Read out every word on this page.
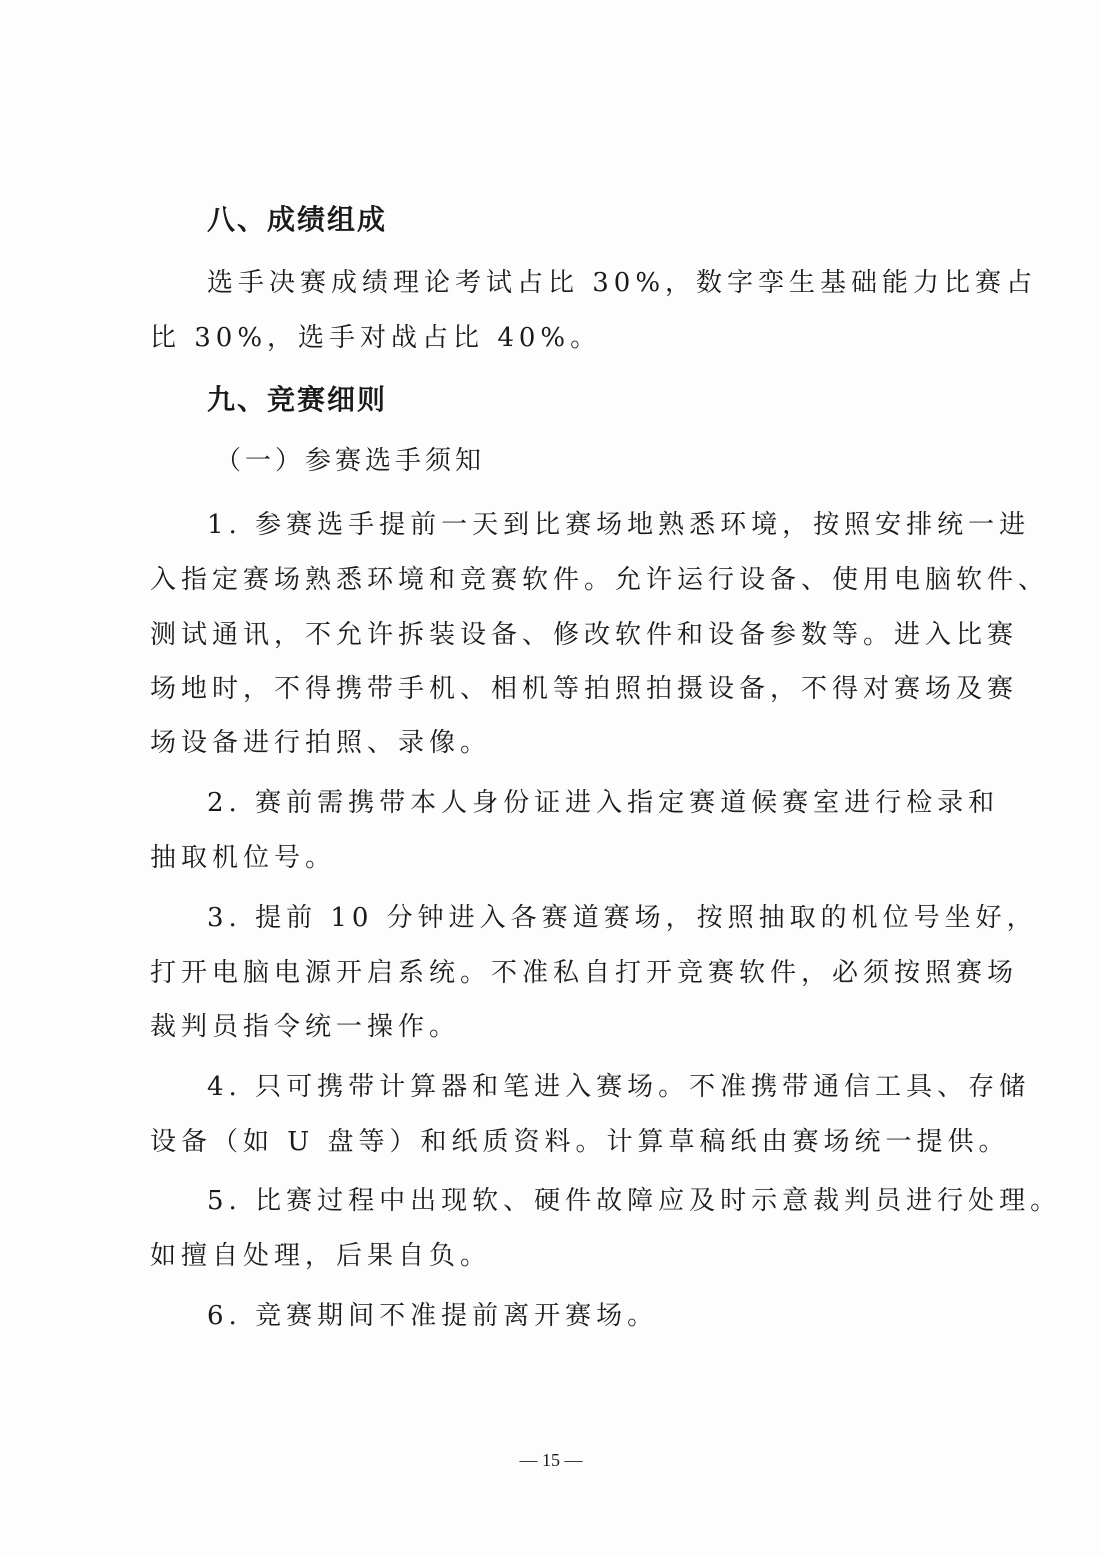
八、成绩组成
选手决赛成绩理论考试占比 30%，数字孪生基础能力比赛占
比 30%，选手对战占比 40%。
九、竞赛细则
（一）参赛选手须知
1. 参赛选手提前一天到比赛场地熟悉环境，按照安排统一进
入指定赛场熟悉环境和竞赛软件。允许运行设备、使用电脑软件、
测试通讯，不允许拆装设备、修改软件和设备参数等。进入比赛
场地时，不得携带手机、相机等拍照拍摄设备，不得对赛场及赛
场设备进行拍照、录像。
2. 赛前需携带本人身份证进入指定赛道候赛室进行检录和
抽取机位号。
3. 提前 10 分钟进入各赛道赛场，按照抽取的机位号坐好，
打开电脑电源开启系统。不准私自打开竞赛软件，必须按照赛场
裁判员指令统一操作。
4. 只可携带计算器和笔进入赛场。不准携带通信工具、存储
设备（如 U 盘等）和纸质资料。计算草稿纸由赛场统一提供。
5. 比赛过程中出现软、硬件故障应及时示意裁判员进行处理。
如擅自处理，后果自负。
6. 竞赛期间不准提前离开赛场。
— 15 —
